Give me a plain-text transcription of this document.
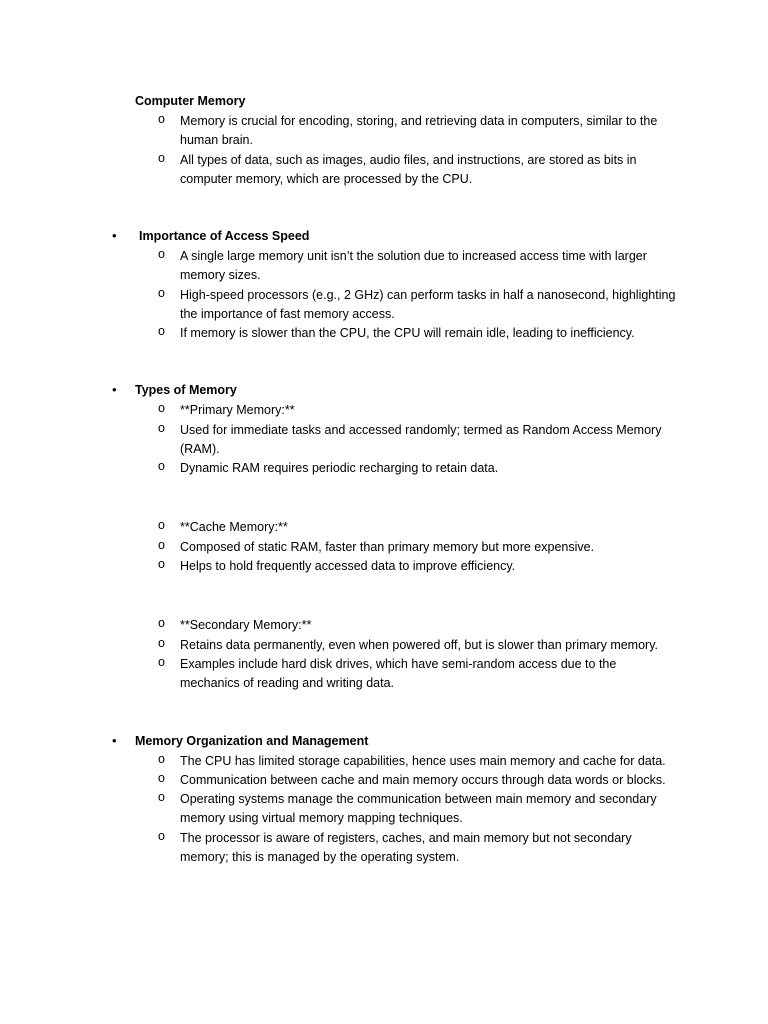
Computer Memory
o	Memory is crucial for encoding, storing, and retrieving data in computers, similar to the human brain.
o	All types of data, such as images, audio files, and instructions, are stored as bits in computer memory, which are processed by the CPU.
• Importance of Access Speed
o	A single large memory unit isn’t the solution due to increased access time with larger memory sizes.
o	High-speed processors (e.g., 2 GHz) can perform tasks in half a nanosecond, highlighting the importance of fast memory access.
o	If memory is slower than the CPU, the CPU will remain idle, leading to inefficiency.
• Types of Memory
o	**Primary Memory:**
o	Used for immediate tasks and accessed randomly; termed as Random Access Memory (RAM).
o	Dynamic RAM requires periodic recharging to retain data.
o	**Cache Memory:**
o	Composed of static RAM, faster than primary memory but more expensive.
o	Helps to hold frequently accessed data to improve efficiency.
o	**Secondary Memory:**
o	Retains data permanently, even when powered off, but is slower than primary memory.
o	Examples include hard disk drives, which have semi-random access due to the mechanics of reading and writing data.
• Memory Organization and Management
o	The CPU has limited storage capabilities, hence uses main memory and cache for data.
o	Communication between cache and main memory occurs through data words or blocks.
o	Operating systems manage the communication between main memory and secondary memory using virtual memory mapping techniques.
o	The processor is aware of registers, caches, and main memory but not secondary memory; this is managed by the operating system.
